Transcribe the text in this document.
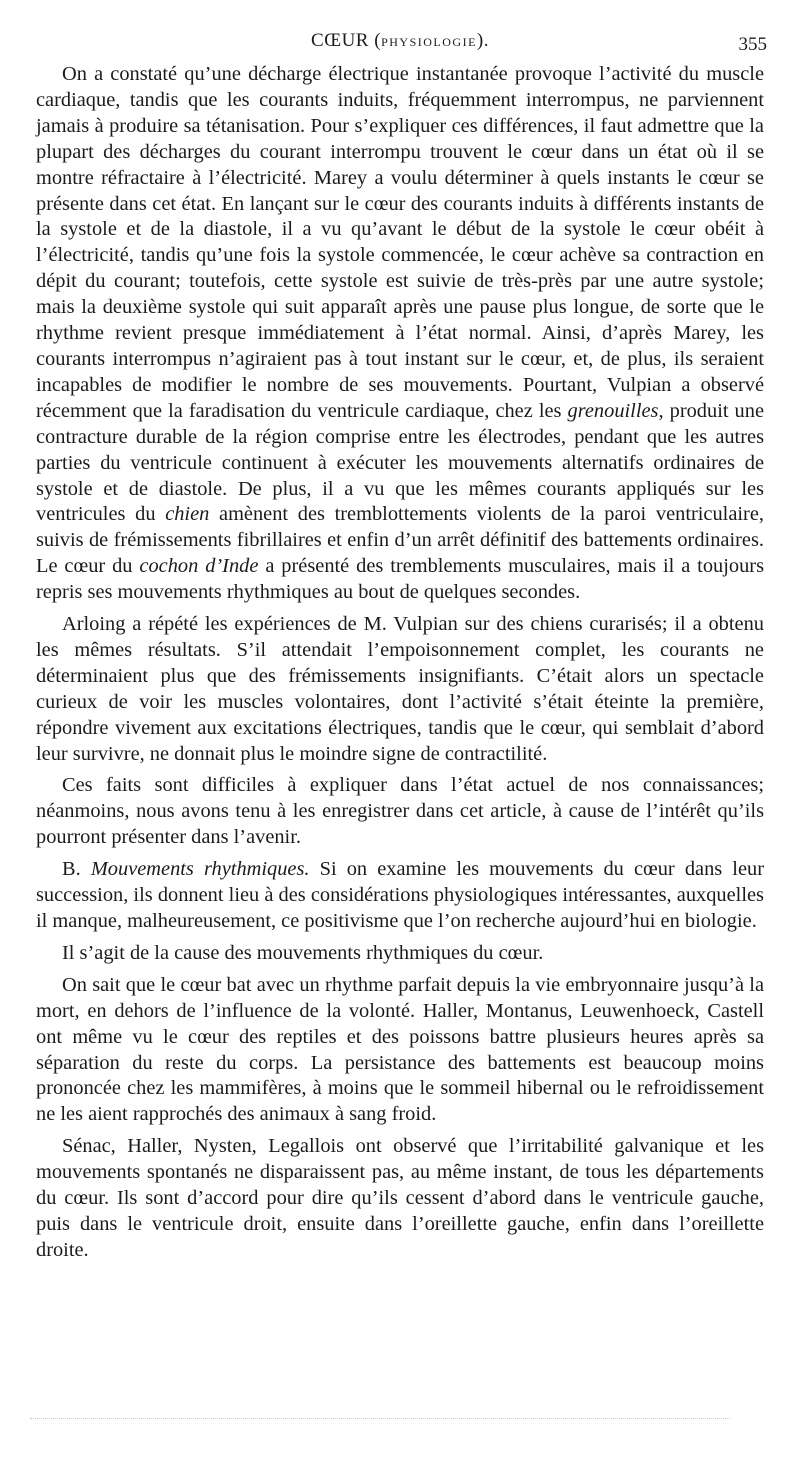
CŒUR (PHYSIOLOGIE).	355

On a constaté qu’une décharge électrique instantanée provoque l’activité du muscle cardiaque, tandis que les courants induits, fréquemment interrompus, ne parviennent jamais à produire sa tétanisation. Pour s’expliquer ces différences, il faut admettre que la plupart des décharges du courant interrompu trouvent le cœur dans un état où il se montre réfractaire à l’électricité. Marey a voulu déterminer à quels instants le cœur se présente dans cet état. En lançant sur le cœur des courants induits à différents instants de la systole et de la diastole, il a vu qu’avant le début de la systole le cœur obéit à l’électricité, tandis qu’une fois la systole commencée, le cœur achève sa contraction en dépit du courant; toutefois, cette systole est suivie de très-près par une autre systole; mais la deuxième systole qui suit apparaît après une pause plus longue, de sorte que le rhythme revient presque immédiatement à l’état normal. Ainsi, d’après Marey, les courants interrompus n’agiraient pas à tout instant sur le cœur, et, de plus, ils seraient incapables de modifier le nombre de ses mouvements. Pourtant, Vulpian a observé récemment que la faradisation du ventricule cardiaque, chez les grenouilles, produit une contracture durable de la région comprise entre les électrodes, pendant que les autres parties du ventricule continuent à exécuter les mouvements alternatifs ordinaires de systole et de diastole. De plus, il a vu que les mêmes courants appliqués sur les ventricules du chien amènent des tremblottements violents de la paroi ventriculaire, suivis de frémissements fibrillaires et enfin d’un arrêt définitif des battements ordinaires. Le cœur du cochon d’Inde a présenté des tremblements musculaires, mais il a toujours repris ses mouvements rhythmiques au bout de quelques secondes.

Arloing a répété les expériences de M. Vulpian sur des chiens curarisés; il a obtenu les mêmes résultats. S’il attendait l’empoisonnement complet, les courants ne déterminaient plus que des frémissements insignifiants. C’était alors un spectacle curieux de voir les muscles volontaires, dont l’activité s’était éteinte la première, répondre vivement aux excitations électriques, tandis que le cœur, qui semblait d’abord leur survivre, ne donnait plus le moindre signe de contractilité.

Ces faits sont difficiles à expliquer dans l’état actuel de nos connaissances; néanmoins, nous avons tenu à les enregistrer dans cet article, à cause de l’intérêt qu’ils pourront présenter dans l’avenir.

B. Mouvements rhythmiques. Si on examine les mouvements du cœur dans leur succession, ils donnent lieu à des considérations physiologiques intéressantes, auxquelles il manque, malheureusement, ce positivisme que l’on recherche aujourd’hui en biologie.

Il s’agit de la cause des mouvements rhythmiques du cœur.

On sait que le cœur bat avec un rhythme parfait depuis la vie embryonnaire jusqu’à la mort, en dehors de l’influence de la volonté. Haller, Montanus, Leuwenhoeck, Castell ont même vu le cœur des reptiles et des poissons battre plusieurs heures après sa séparation du reste du corps. La persistance des battements est beaucoup moins prononcée chez les mammifères, à moins que le sommeil hibernal ou le refroidissement ne les aient rapprochés des animaux à sang froid.

Sénac, Haller, Nysten, Legallois ont observé que l’irritabilité galvanique et les mouvements spontanés ne disparaissent pas, au même instant, de tous les départements du cœur. Ils sont d’accord pour dire qu’ils cessent d’abord dans le ventricule gauche, puis dans le ventricule droit, ensuite dans l’oreillette gauche, enfin dans l’oreillette droite.
